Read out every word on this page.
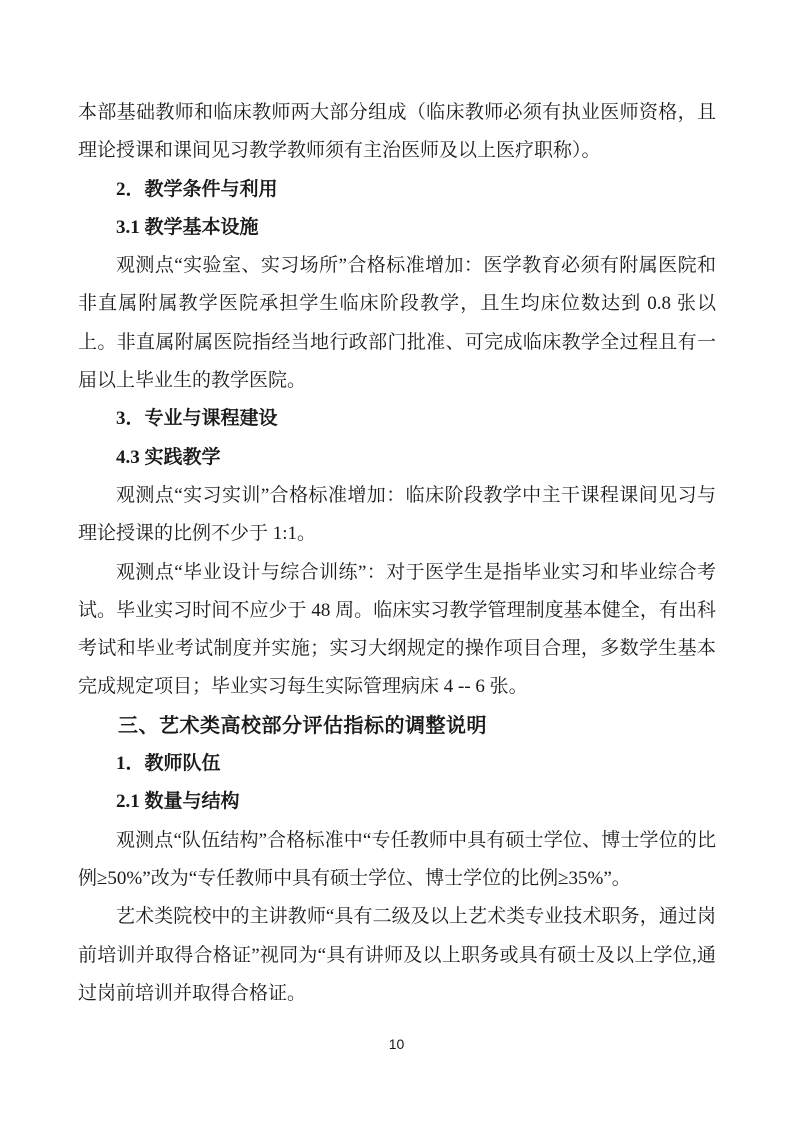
本部基础教师和临床教师两大部分组成（临床教师必须有执业医师资格，且理论授课和课间见习教学教师须有主治医师及以上医疗职称）。

2．教学条件与利用

3.1 教学基本设施

观测点“实验室、实习场所”合格标准增加：医学教育必须有附属医院和非直属附属教学医院承担学生临床阶段教学，且生均床位数达到 0.8 张以上。非直属附属医院指经当地行政部门批准、可完成临床教学全过程且有一届以上毕业生的教学医院。

3．专业与课程建设

4.3 实践教学

观测点“实习实训”合格标准增加：临床阶段教学中主干课程课间见习与理论授课的比例不少于 1:1。

观测点“毕业设计与综合训练”：对于医学生是指毕业实习和毕业综合考试。毕业实习时间不应少于 48 周。临床实习教学管理制度基本健全，有出科考试和毕业考试制度并实施；实习大纲规定的操作项目合理，多数学生基本完成规定项目；毕业实习每生实际管理病床 4 -- 6 张。

三、艺术类高校部分评估指标的调整说明

1．教师队伍

2.1 数量与结构

观测点“队伍结构”合格标准中“专任教师中具有硕士学位、博士学位的比例≥50%”改为“专任教师中具有硕士学位、博士学位的比例≥35%”。

艺术类院校中的主讲教师“具有二级及以上艺术类专业技术职务，通过岗前培训并取得合格证”视同为“具有讲师及以上职务或具有硕士及以上学位,通过岗前培训并取得合格证。

10
